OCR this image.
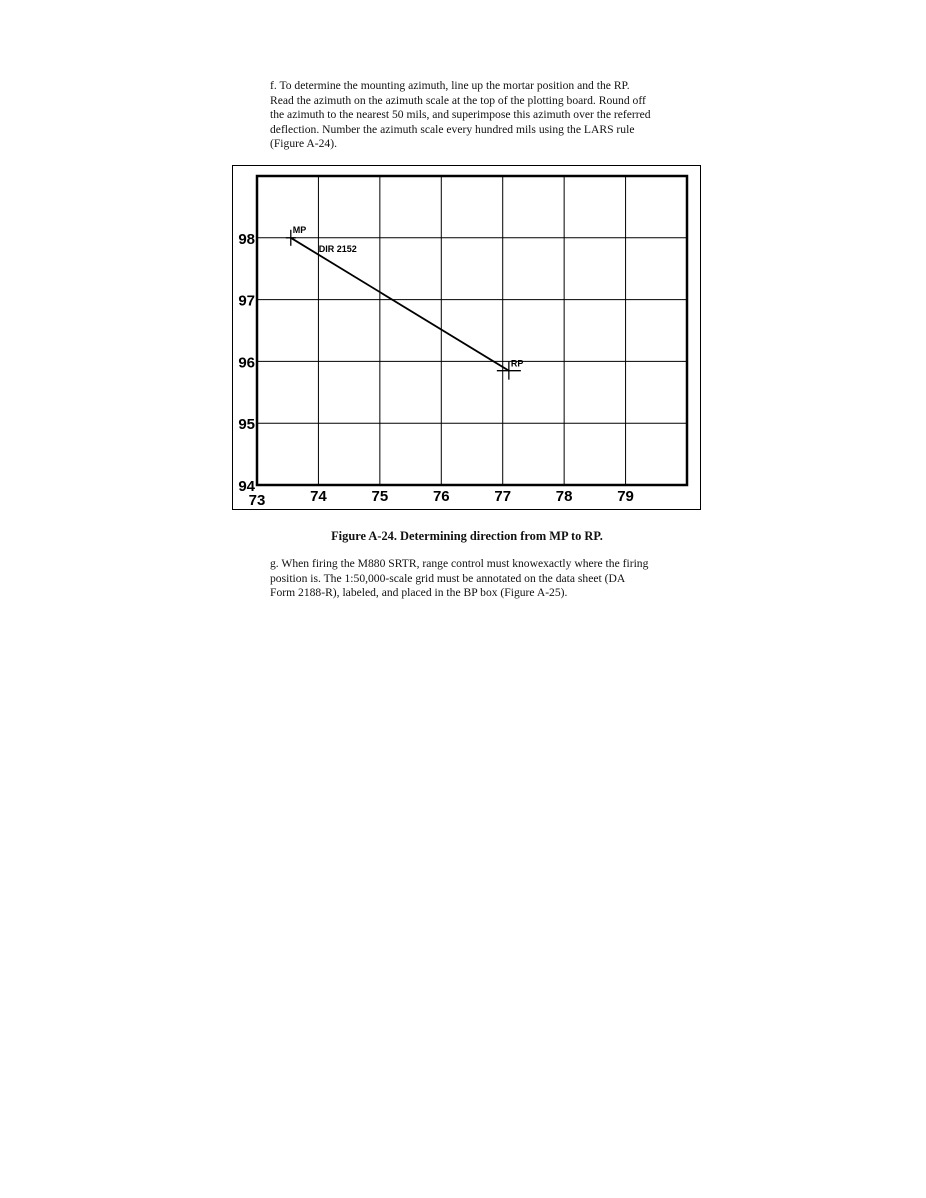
f. To determine the mounting azimuth, line up the mortar position and the RP.
Read the azimuth on the azimuth scale at the top of the plotting board. Round off
the azimuth to the nearest 50 mils, and superimpose this azimuth over the referred
deflection. Number the azimuth scale every hundred mils using the LARS rule
(Figure A-24).

73	74	75	76	77	78	79
98
97
96
95
94
MP
RP
DIR 2152

Figure A-24. Determining direction from MP to RP.

g. When firing the M880 SRTR, range control must knowexactly where the firing
position is. The 1:50,000-scale grid must be annotated on the data sheet (DA
Form 2188-R), labeled, and placed in the BP box (Figure A-25).
